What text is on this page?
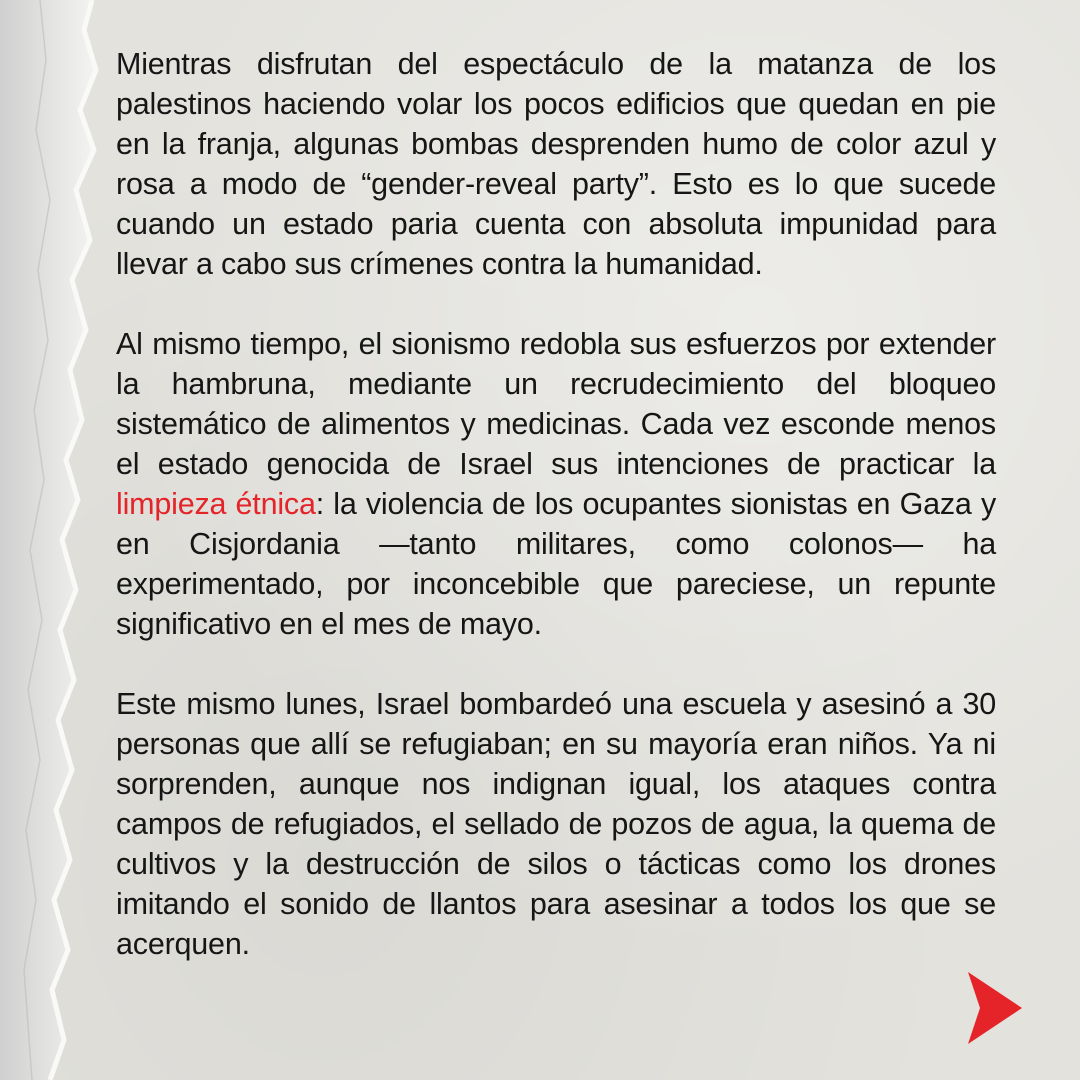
Mientras disfrutan del espectáculo de la matanza de los palestinos haciendo volar los pocos edificios que quedan en pie en la franja, algunas bombas desprenden humo de color azul y rosa a modo de “gender-reveal party”. Esto es lo que sucede cuando un estado paria cuenta con absoluta impunidad para llevar a cabo sus crímenes contra la humanidad.

Al mismo tiempo, el sionismo redobla sus esfuerzos por extender la hambruna, mediante un recrudecimiento del bloqueo sistemático de alimentos y medicinas. Cada vez esconde menos el estado genocida de Israel sus intenciones de practicar la limpieza étnica: la violencia de los ocupantes sionistas en Gaza y en Cisjordania —tanto militares, como colonos— ha experimentado, por inconcebible que pareciese, un repunte significativo en el mes de mayo.

Este mismo lunes, Israel bombardeó una escuela y asesinó a 30 personas que allí se refugiaban; en su mayoría eran niños. Ya ni sorprenden, aunque nos indignan igual, los ataques contra campos de refugiados, el sellado de pozos de agua, la quema de cultivos y la destrucción de silos o tácticas como los drones imitando el sonido de llantos para asesinar a todos los que se acerquen.
